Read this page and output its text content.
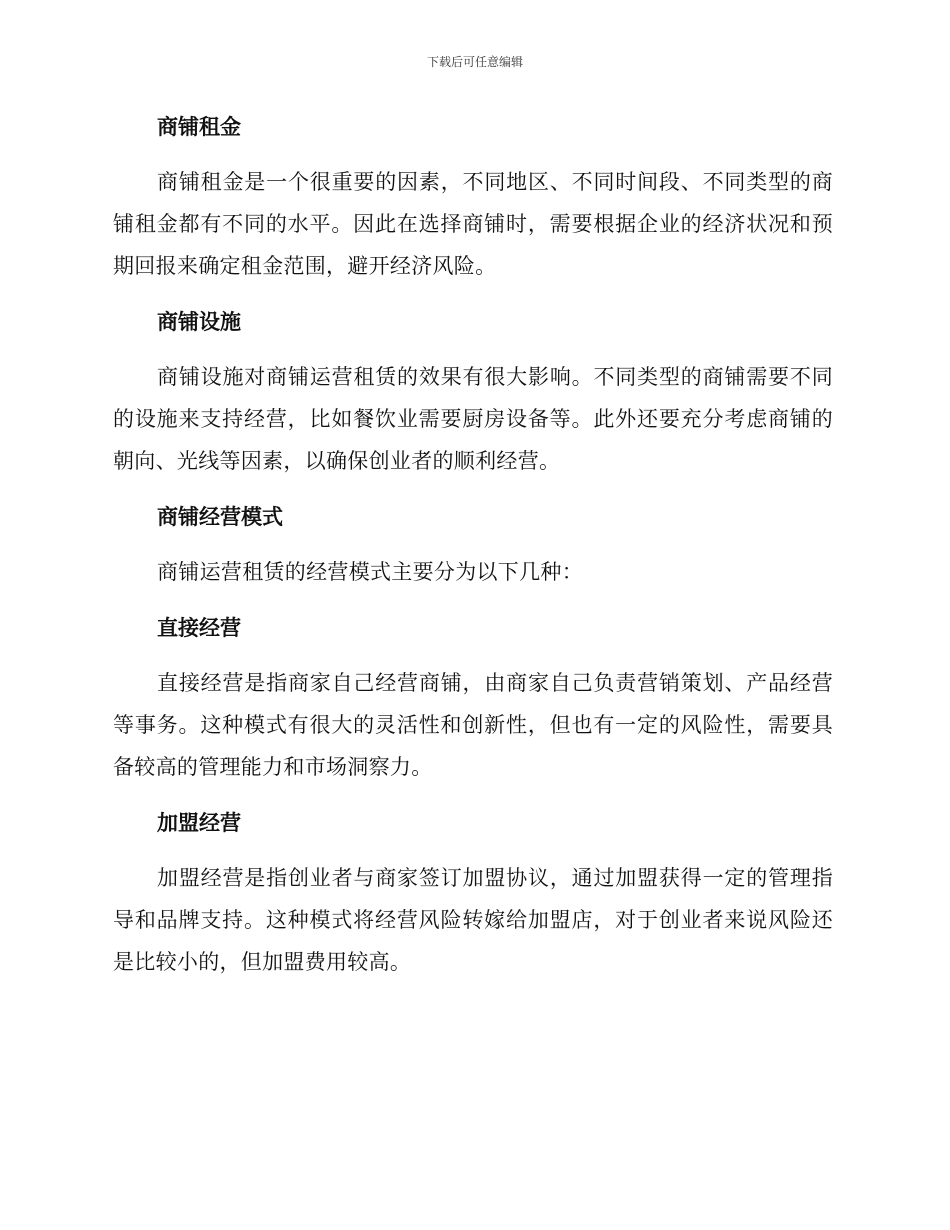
下载后可任意编辑
商铺租金

商铺租金是一个很重要的因素，不同地区、不同时间段、不同类型的商铺租金都有不同的水平。因此在选择商铺时，需要根据企业的经济状况和预期回报来确定租金范围，避开经济风险。

商铺设施

商铺设施对商铺运营租赁的效果有很大影响。不同类型的商铺需要不同的设施来支持经营，比如餐饮业需要厨房设备等。此外还要充分考虑商铺的朝向、光线等因素，以确保创业者的顺利经营。

商铺经营模式

商铺运营租赁的经营模式主要分为以下几种：

直接经营

直接经营是指商家自己经营商铺，由商家自己负责营销策划、产品经营等事务。这种模式有很大的灵活性和创新性，但也有一定的风险性，需要具备较高的管理能力和市场洞察力。

加盟经营

加盟经营是指创业者与商家签订加盟协议，通过加盟获得一定的管理指导和品牌支持。这种模式将经营风险转嫁给加盟店，对于创业者来说风险还是比较小的，但加盟费用较高。
